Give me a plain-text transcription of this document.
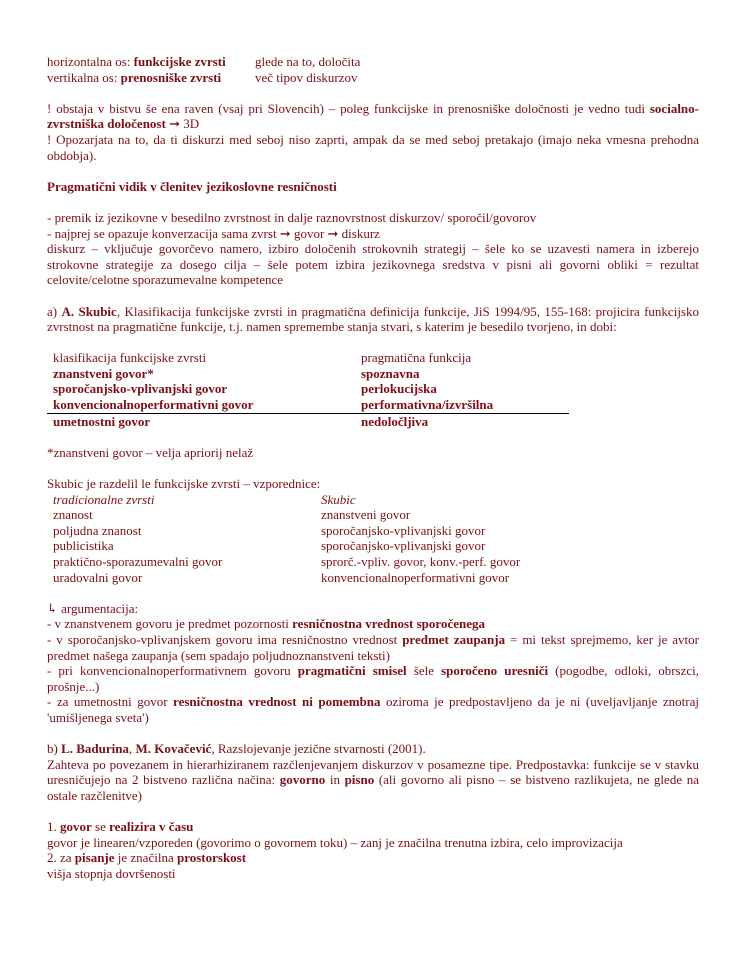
horizontalna os: funkcijske zvrsti	glede na to, določita
vertikalna os: prenosniške zvrsti	več tipov diskurzov

! obstaja v bistvu še ena raven (vsaj pri Slovencih) – poleg funkcijske in prenosniške določnosti je vedno tudi socialno-zvrstniška določenost ➞ 3D

! Opozarjata na to, da ti diskurzi med seboj niso zaprti, ampak da se med seboj pretakajo (imajo neka vmesna prehodna obdobja).

Pragmatični vidik v členitev jezikoslovne resničnosti

- premik iz jezikovne v besedilno zvrstnost in dalje raznovrstnost diskurzov/ sporočil/govorov

- najprej se opazuje konverzacija sama zvrst ➞ govor ➞ diskurz

diskurz – vključuje govorčevo namero, izbiro določenih strokovnih strategij – šele ko se uzavesti namera in izberejo strokovne strategije za dosego cilja – šele potem izbira jezikovnega sredstva v pisni ali govorni obliki = rezultat celovite/celotne sporazumevalne kompetence

a) A. Skubic, Klasifikacija funkcijske zvrsti in pragmatična definicija funkcije, JiS 1994/95, 155-168: projicira funkcijsko zvrstnost na pragmatične funkcije, t.j. namen spremembe stanja stvari, s katerim je besedilo tvorjeno, in dobi:

klasifikacija funkcijske zvrsti	pragmatična funkcija
znanstveni govor*	spoznavna
sporočanjsko-vplivanjski govor	perlokucijska
konvencionalnoperformativni govor	performativna/izvršilna
umetnostni govor	nedoločljiva

*znanstveni govor – velja apriorij nelaž

Skubic je razdelil le funkcijske zvrsti – vzporednice:

tradicionalne zvrsti	Skubic
znanost	znanstveni govor
poljudna znanost	sporočanjsko-vplivanjski govor
publicistika	sporočanjsko-vplivanjski govor
praktično-sporazumevalni govor	sprorč.-vpliv. govor, konv.-perf. govor
uradovalni govor	konvencionalnoperformativni govor

↳ argumentacija:

- v znanstvenem govoru je predmet pozornosti resničnostna vrednost sporočenega

- v sporočanjsko-vplivanjskem govoru ima resničnostno vrednost predmet zaupanja = mi tekst sprejmemo, ker je avtor predmet našega zaupanja (sem spadajo poljudnoznanstveni teksti)

- pri konvencionalnoperformativnem govoru pragmatični smisel šele sporočeno uresniči (pogodbe, odloki, obrszci, prošnje...)

- za umetnostni govor resničnostna vrednost ni pomembna oziroma je predpostavljeno da je ni (uveljavljanje znotraj 'umišljenega sveta')

b) L. Badurina, M. Kovačević, Razslojevanje jezične stvarnosti (2001).

Zahteva po povezanem in hierarhiziranem razčlenjevanjem diskurzov v posamezne tipe. Predpostavka: funkcije se v stavku uresničujejo na 2 bistveno različna načina: govorno in pisno (ali govorno ali pisno – se bistveno razlikujeta, ne glede na ostale razčlenitve)

1. govor se realizira v času

govor je linearen/vzporeden (govorimo o govornem toku) – zanj je značilna trenutna izbira, celo improvizacija

2. za pisanje je značilna prostorskost

višja stopnja dovršenosti
